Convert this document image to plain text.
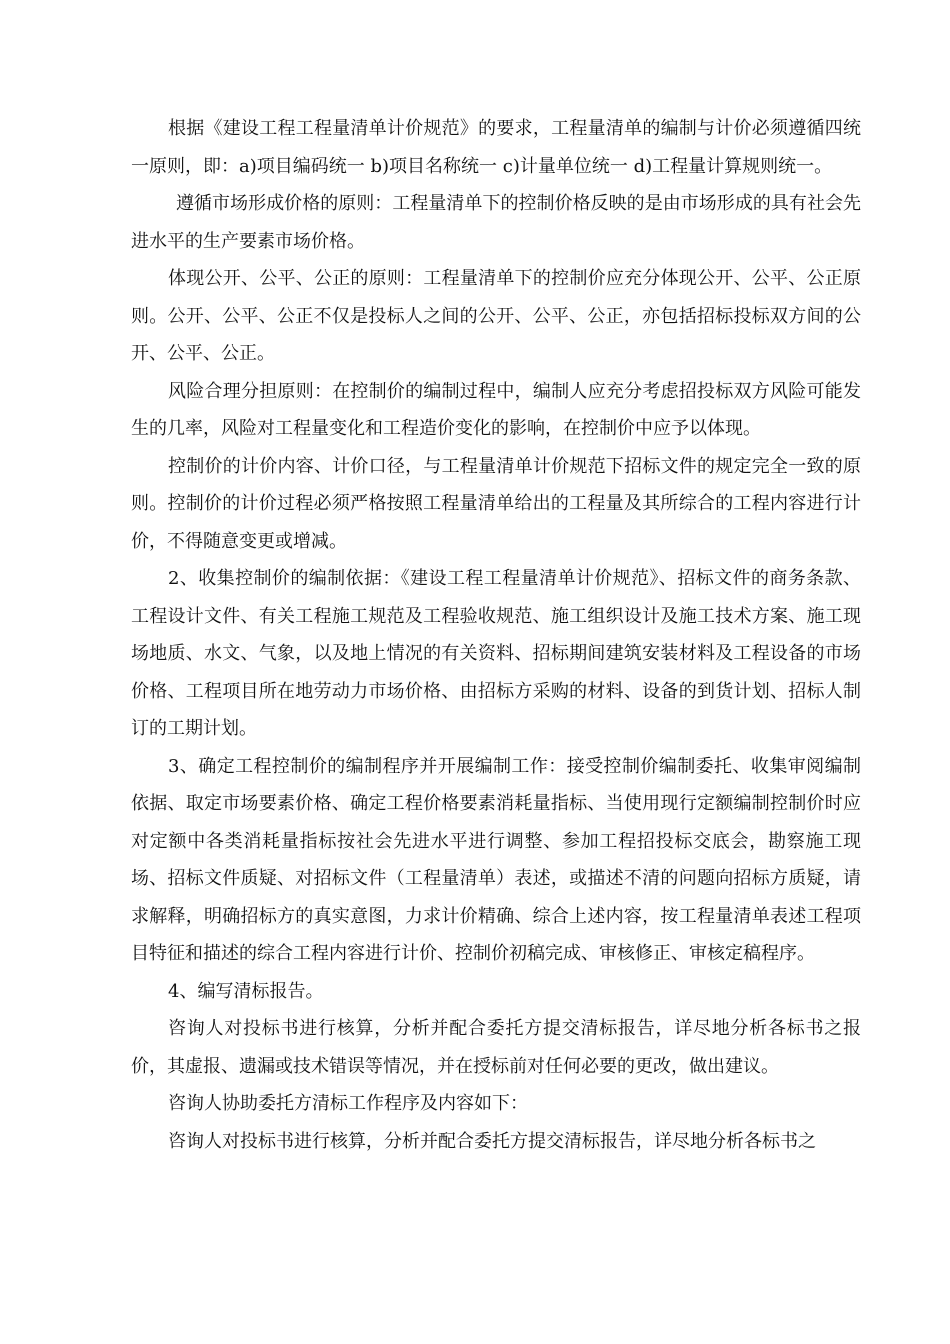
根据《建设工程工程量清单计价规范》的要求，工程量清单的编制与计价必须遵循四统一原则，即：a)项目编码统一 b)项目名称统一 c)计量单位统一 d)工程量计算规则统一。

遵循市场形成价格的原则：工程量清单下的控制价格反映的是由市场形成的具有社会先进水平的生产要素市场价格。

体现公开、公平、公正的原则：工程量清单下的控制价应充分体现公开、公平、公正原则。公开、公平、公正不仅是投标人之间的公开、公平、公正，亦包括招标投标双方间的公开、公平、公正。

风险合理分担原则：在控制价的编制过程中，编制人应充分考虑招投标双方风险可能发生的几率，风险对工程量变化和工程造价变化的影响，在控制价中应予以体现。

控制价的计价内容、计价口径，与工程量清单计价规范下招标文件的规定完全一致的原则。控制价的计价过程必须严格按照工程量清单给出的工程量及其所综合的工程内容进行计价，不得随意变更或增减。

2、收集控制价的编制依据：《建设工程工程量清单计价规范》、招标文件的商务条款、工程设计文件、有关工程施工规范及工程验收规范、施工组织设计及施工技术方案、施工现场地质、水文、气象，以及地上情况的有关资料、招标期间建筑安装材料及工程设备的市场价格、工程项目所在地劳动力市场价格、由招标方采购的材料、设备的到货计划、招标人制订的工期计划。

3、确定工程控制价的编制程序并开展编制工作：接受控制价编制委托、收集审阅编制依据、取定市场要素价格、确定工程价格要素消耗量指标、当使用现行定额编制控制价时应对定额中各类消耗量指标按社会先进水平进行调整、参加工程招投标交底会，勘察施工现场、招标文件质疑、对招标文件（工程量清单）表述，或描述不清的问题向招标方质疑，请求解释，明确招标方的真实意图，力求计价精确、综合上述内容，按工程量清单表述工程项目特征和描述的综合工程内容进行计价、控制价初稿完成、审核修正、审核定稿程序。

4、编写清标报告。

咨询人对投标书进行核算，分析并配合委托方提交清标报告，详尽地分析各标书之报价，其虚报、遗漏或技术错误等情况，并在授标前对任何必要的更改，做出建议。

咨询人协助委托方清标工作程序及内容如下：

咨询人对投标书进行核算，分析并配合委托方提交清标报告，详尽地分析各标书之
